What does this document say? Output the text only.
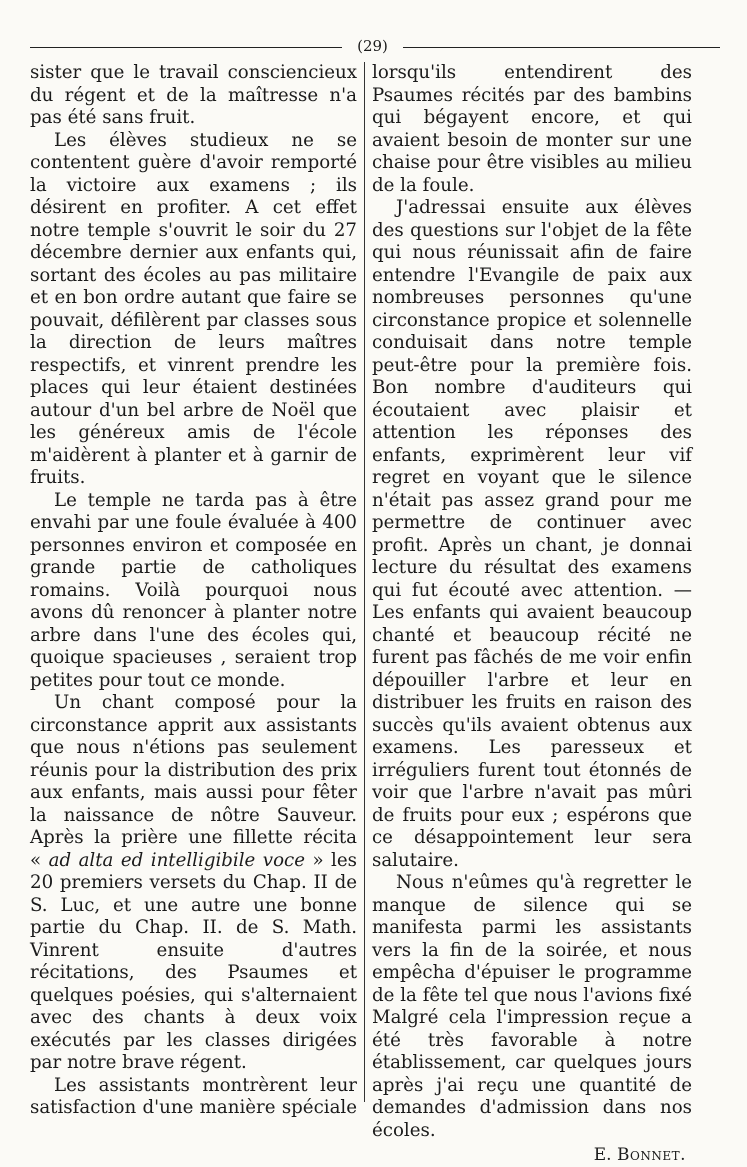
(29)

sister que le travail consciencieux du régent et de la maîtresse n'a pas été sans fruit.

Les élèves studieux ne se contentent guère d'avoir remporté la victoire aux examens ; ils désirent en profiter. A cet effet notre temple s'ouvrit le soir du 27 décembre dernier aux enfants qui, sortant des écoles au pas militaire et en bon ordre autant que faire se pouvait, défilèrent par classes sous la direction de leurs maîtres respectifs, et vinrent prendre les places qui leur étaient destinées autour d'un bel arbre de Noël que les généreux amis de l'école m'aidèrent à planter et à garnir de fruits.

Le temple ne tarda pas à être envahi par une foule évaluée à 400 personnes environ et composée en grande partie de catholiques romains. Voilà pourquoi nous avons dû renoncer à planter notre arbre dans l'une des écoles qui, quoique spacieuses , seraient trop petites pour tout ce monde.

Un chant composé pour la circonstance apprit aux assistants que nous n'étions pas seulement réunis pour la distribution des prix aux enfants, mais aussi pour fêter la naissance de nôtre Sauveur. Après la prière une fillette récita « ad alta ed intelligibile voce » les 20 premiers versets du Chap. II de S. Luc, et une autre une bonne partie du Chap. II. de S. Math. Vinrent ensuite d'autres récitations, des Psaumes et quelques poésies, qui s'alternaient avec des chants à deux voix exécutés par les classes dirigées par notre brave régent.

Les assistants montrèrent leur satisfaction d'une manière spéciale

lorsqu'ils entendirent des Psaumes récités par des bambins qui bégayent encore, et qui avaient besoin de monter sur une chaise pour être visibles au milieu de la foule.

J'adressai ensuite aux élèves des questions sur l'objet de la fête qui nous réunissait afin de faire entendre l'Evangile de paix aux nombreuses personnes qu'une circonstance propice et solennelle conduisait dans notre temple peut-être pour la première fois. Bon nombre d'auditeurs qui écoutaient avec plaisir et attention les réponses des enfants, exprimèrent leur vif regret en voyant que le silence n'était pas assez grand pour me permettre de continuer avec profit. Après un chant, je donnai lecture du résultat des examens qui fut écouté avec attention. — Les enfants qui avaient beaucoup chanté et beaucoup récité ne furent pas fâchés de me voir enfin dépouiller l'arbre et leur en distribuer les fruits en raison des succès qu'ils avaient obtenus aux examens. Les paresseux et irréguliers furent tout étonnés de voir que l'arbre n'avait pas mûri de fruits pour eux ; espérons que ce désappointement leur sera salutaire.

Nous n'eûmes qu'à regretter le manque de silence qui se manifesta parmi les assistants vers la fin de la soirée, et nous empêcha d'épuiser le programme de la fête tel que nous l'avions fixé Malgré cela l'impression reçue a été très favorable à notre établissement, car quelques jours après j'ai reçu une quantité de demandes d'admission dans nos écoles.

E. Bonnet.
